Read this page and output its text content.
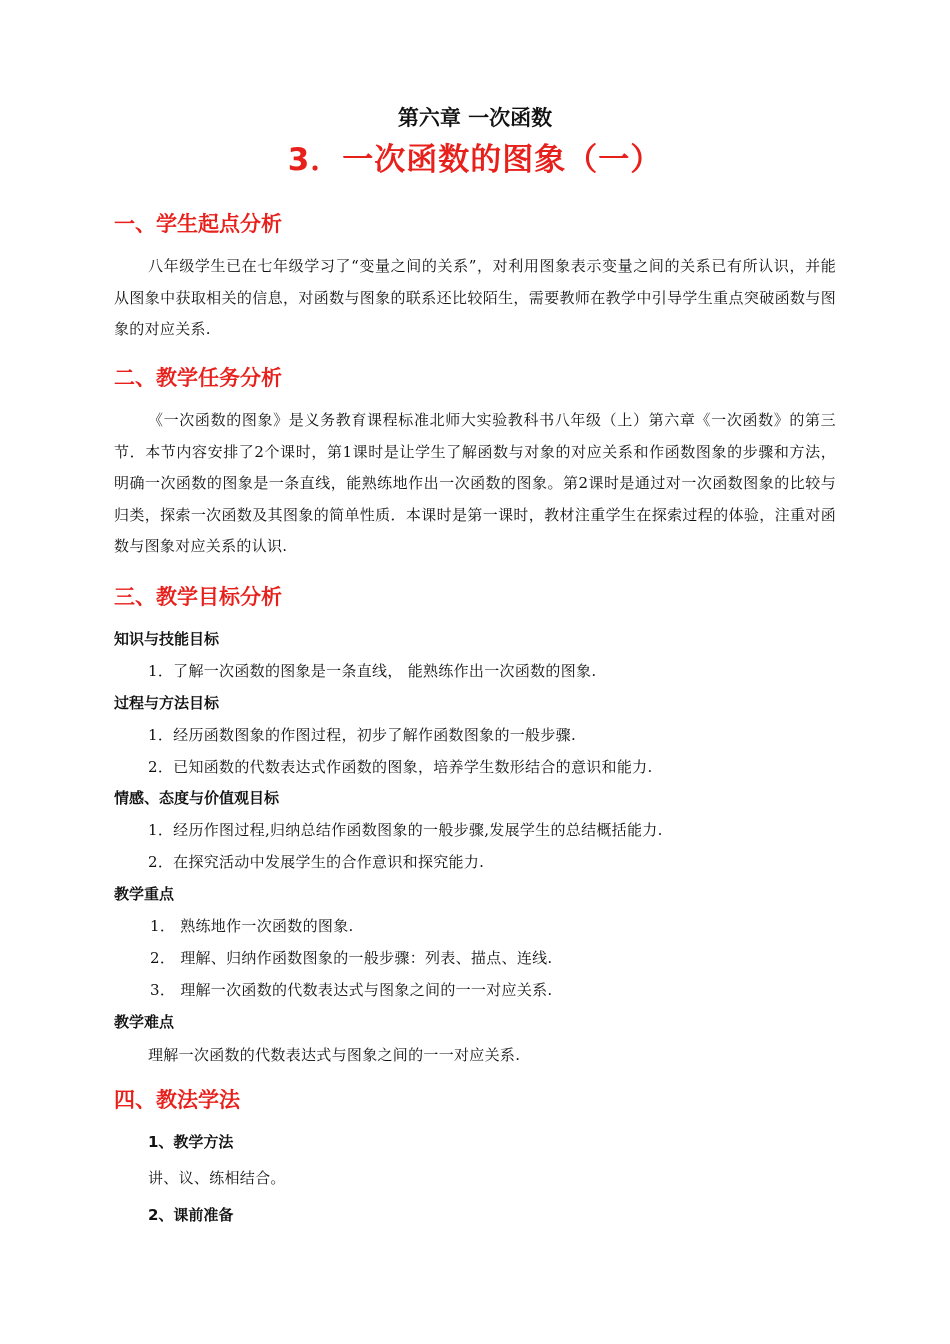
第六章 一次函数
3．一次函数的图象（一）
一、学生起点分析
八年级学生已在七年级学习了“变量之间的关系”，对利用图象表示变量之间的关系已有所认识，并能从图象中获取相关的信息，对函数与图象的联系还比较陌生，需要教师在教学中引导学生重点突破函数与图象的对应关系.
二、教学任务分析
《一次函数的图象》是义务教育课程标准北师大实验教科书八年级（上）第六章《一次函数》的第三节．本节内容安排了2个课时，第1课时是让学生了解函数与对象的对应关系和作函数图象的步骤和方法，明确一次函数的图象是一条直线，能熟练地作出一次函数的图象。第2课时是通过对一次函数图象的比较与归类，探索一次函数及其图象的简单性质．本课时是第一课时，教材注重学生在探索过程的体验，注重对函数与图象对应关系的认识.
三、教学目标分析
知识与技能目标
1．了解一次函数的图象是一条直线， 能熟练作出一次函数的图象.
过程与方法目标
1．经历函数图象的作图过程，初步了解作函数图象的一般步骤.
2．已知函数的代数表达式作函数的图象，培养学生数形结合的意识和能力.
情感、态度与价值观目标
1．经历作图过程,归纳总结作函数图象的一般步骤,发展学生的总结概括能力.
2．在探究活动中发展学生的合作意识和探究能力.
教学重点
1． 熟练地作一次函数的图象.
2． 理解、归纳作函数图象的一般步骤：列表、描点、连线.
3． 理解一次函数的代数表达式与图象之间的一一对应关系.
教学难点
理解一次函数的代数表达式与图象之间的一一对应关系.
四、教法学法
1、教学方法
讲、议、练相结合。
2、课前准备
